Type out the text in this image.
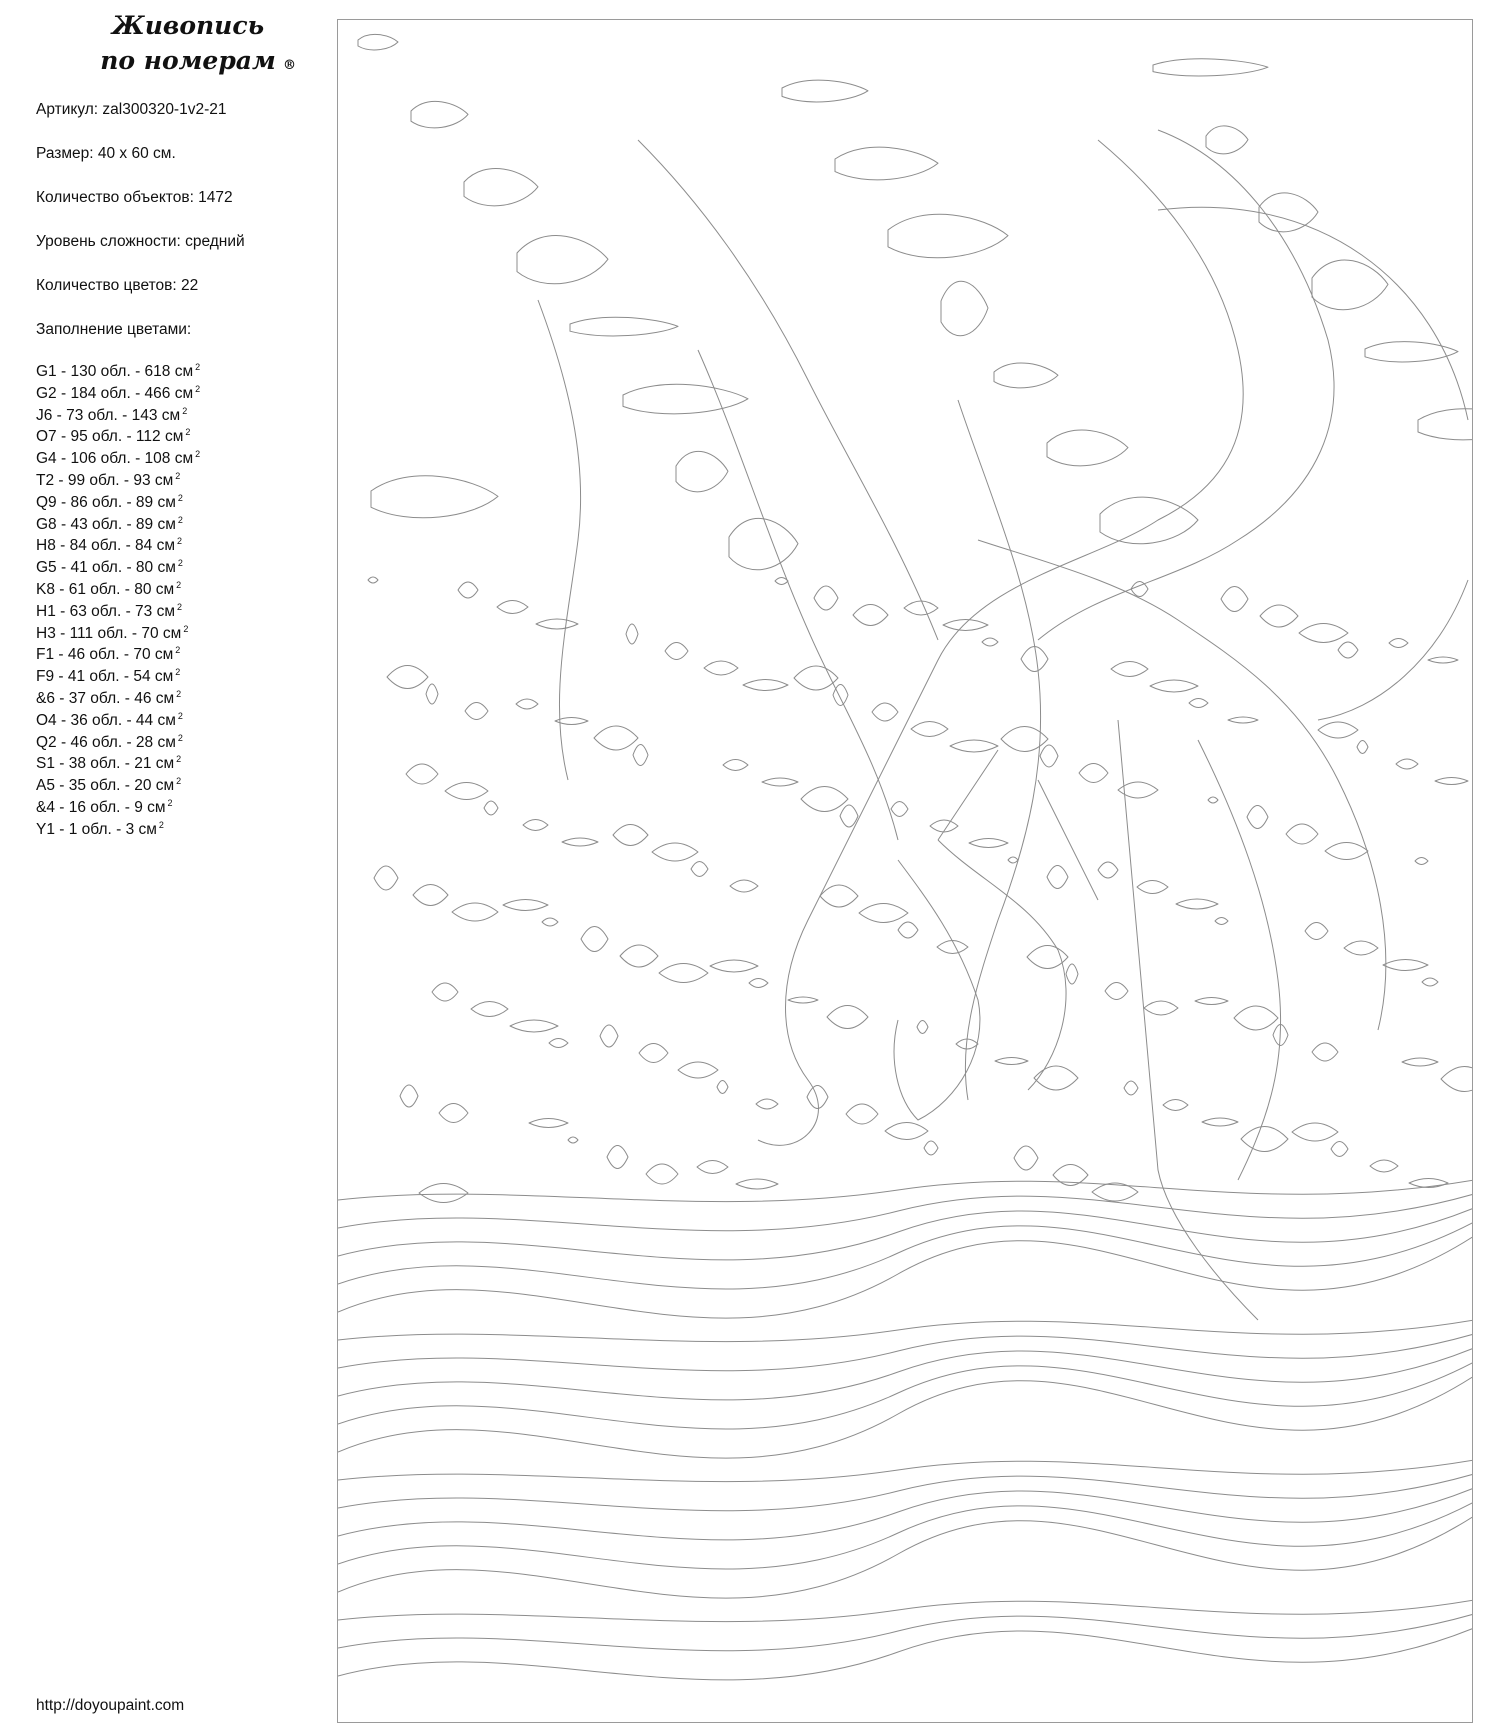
Живопись
по номерам ®
Артикул: zal300320-1v2-21
Размер: 40 х 60 см.
Количество объектов: 1472
Уровень сложности: средний
Количество цветов: 22
Заполнение цветами:
G1 - 130 обл. - 618 см $^2$
G2 - 184 обл. - 466 см $^2$
J6 - 73 обл. - 143 см $^2$
O7 - 95 обл. - 112 см $^2$
G4 - 106 обл. - 108 см $^2$
T2 - 99 обл. - 93 см $^2$
Q9 - 86 обл. - 89 см $^2$
G8 - 43 обл. - 89 см $^2$
H8 - 84 обл. - 84 см $^2$
G5 - 41 обл. - 80 см $^2$
K8 - 61 обл. - 80 см $^2$
H1 - 63 обл. - 73 см $^2$
H3 - 111 обл. - 70 см $^2$
F1 - 46 обл. - 70 см $^2$
F9 - 41 обл. - 54 см $^2$
&6 - 37 обл. - 46 см $^2$
O4 - 36 обл. - 44 см $^2$
Q2 - 46 обл. - 28 см $^2$
S1 - 38 обл. - 21 см $^2$
A5 - 35 обл. - 20 см $^2$
&4 - 16 обл. - 9 см $^2$
Y1 - 1 обл. - 3 см $^2$
http://doyoupaint.com
